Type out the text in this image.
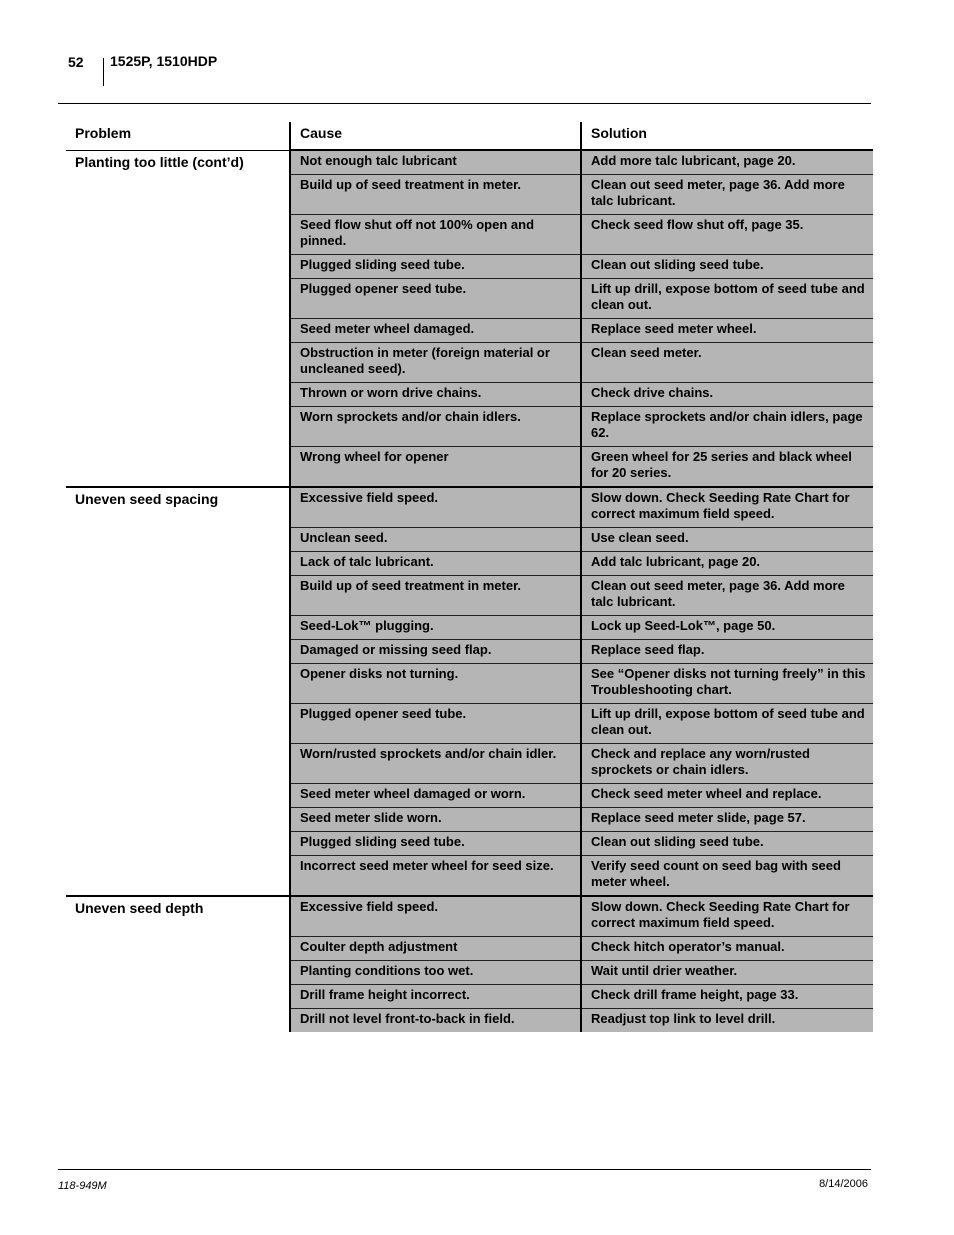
52 1525P, 1510HDP
Problem	Cause	Solution
Planting too little (cont’d)	Not enough talc lubricant	Add more talc lubricant, page 20.
	Build up of seed treatment in meter.	Clean out seed meter, page 36. Add more talc lubricant.
	Seed flow shut off not 100% open and pinned.	Check seed flow shut off, page 35.
	Plugged sliding seed tube.	Clean out sliding seed tube.
	Plugged opener seed tube.	Lift up drill, expose bottom of seed tube and clean out.
	Seed meter wheel damaged.	Replace seed meter wheel.
	Obstruction in meter (foreign material or uncleaned seed).	Clean seed meter.
	Thrown or worn drive chains.	Check drive chains.
	Worn sprockets and/or chain idlers.	Replace sprockets and/or chain idlers, page 62.
	Wrong wheel for opener	Green wheel for 25 series and black wheel for 20 series.
Uneven seed spacing	Excessive field speed.	Slow down. Check Seeding Rate Chart for correct maximum field speed.
	Unclean seed.	Use clean seed.
	Lack of talc lubricant.	Add talc lubricant, page 20.
	Build up of seed treatment in meter.	Clean out seed meter, page 36. Add more talc lubricant.
	Seed-Lok™ plugging.	Lock up Seed-Lok™, page 50.
	Damaged or missing seed flap.	Replace seed flap.
	Opener disks not turning.	See “Opener disks not turning freely” in this Troubleshooting chart.
	Plugged opener seed tube.	Lift up drill, expose bottom of seed tube and clean out.
	Worn/rusted sprockets and/or chain idler.	Check and replace any worn/rusted sprockets or chain idlers.
	Seed meter wheel damaged or worn.	Check seed meter wheel and replace.
	Seed meter slide worn.	Replace seed meter slide, page 57.
	Plugged sliding seed tube.	Clean out sliding seed tube.
	Incorrect seed meter wheel for seed size.	Verify seed count on seed bag with seed meter wheel.
Uneven seed depth	Excessive field speed.	Slow down. Check Seeding Rate Chart for correct maximum field speed.
	Coulter depth adjustment	Check hitch operator’s manual.
	Planting conditions too wet.	Wait until drier weather.
	Drill frame height incorrect.	Check drill frame height, page 33.
	Drill not level front-to-back in field.	Readjust top link to level drill.
118-949M	8/14/2006
